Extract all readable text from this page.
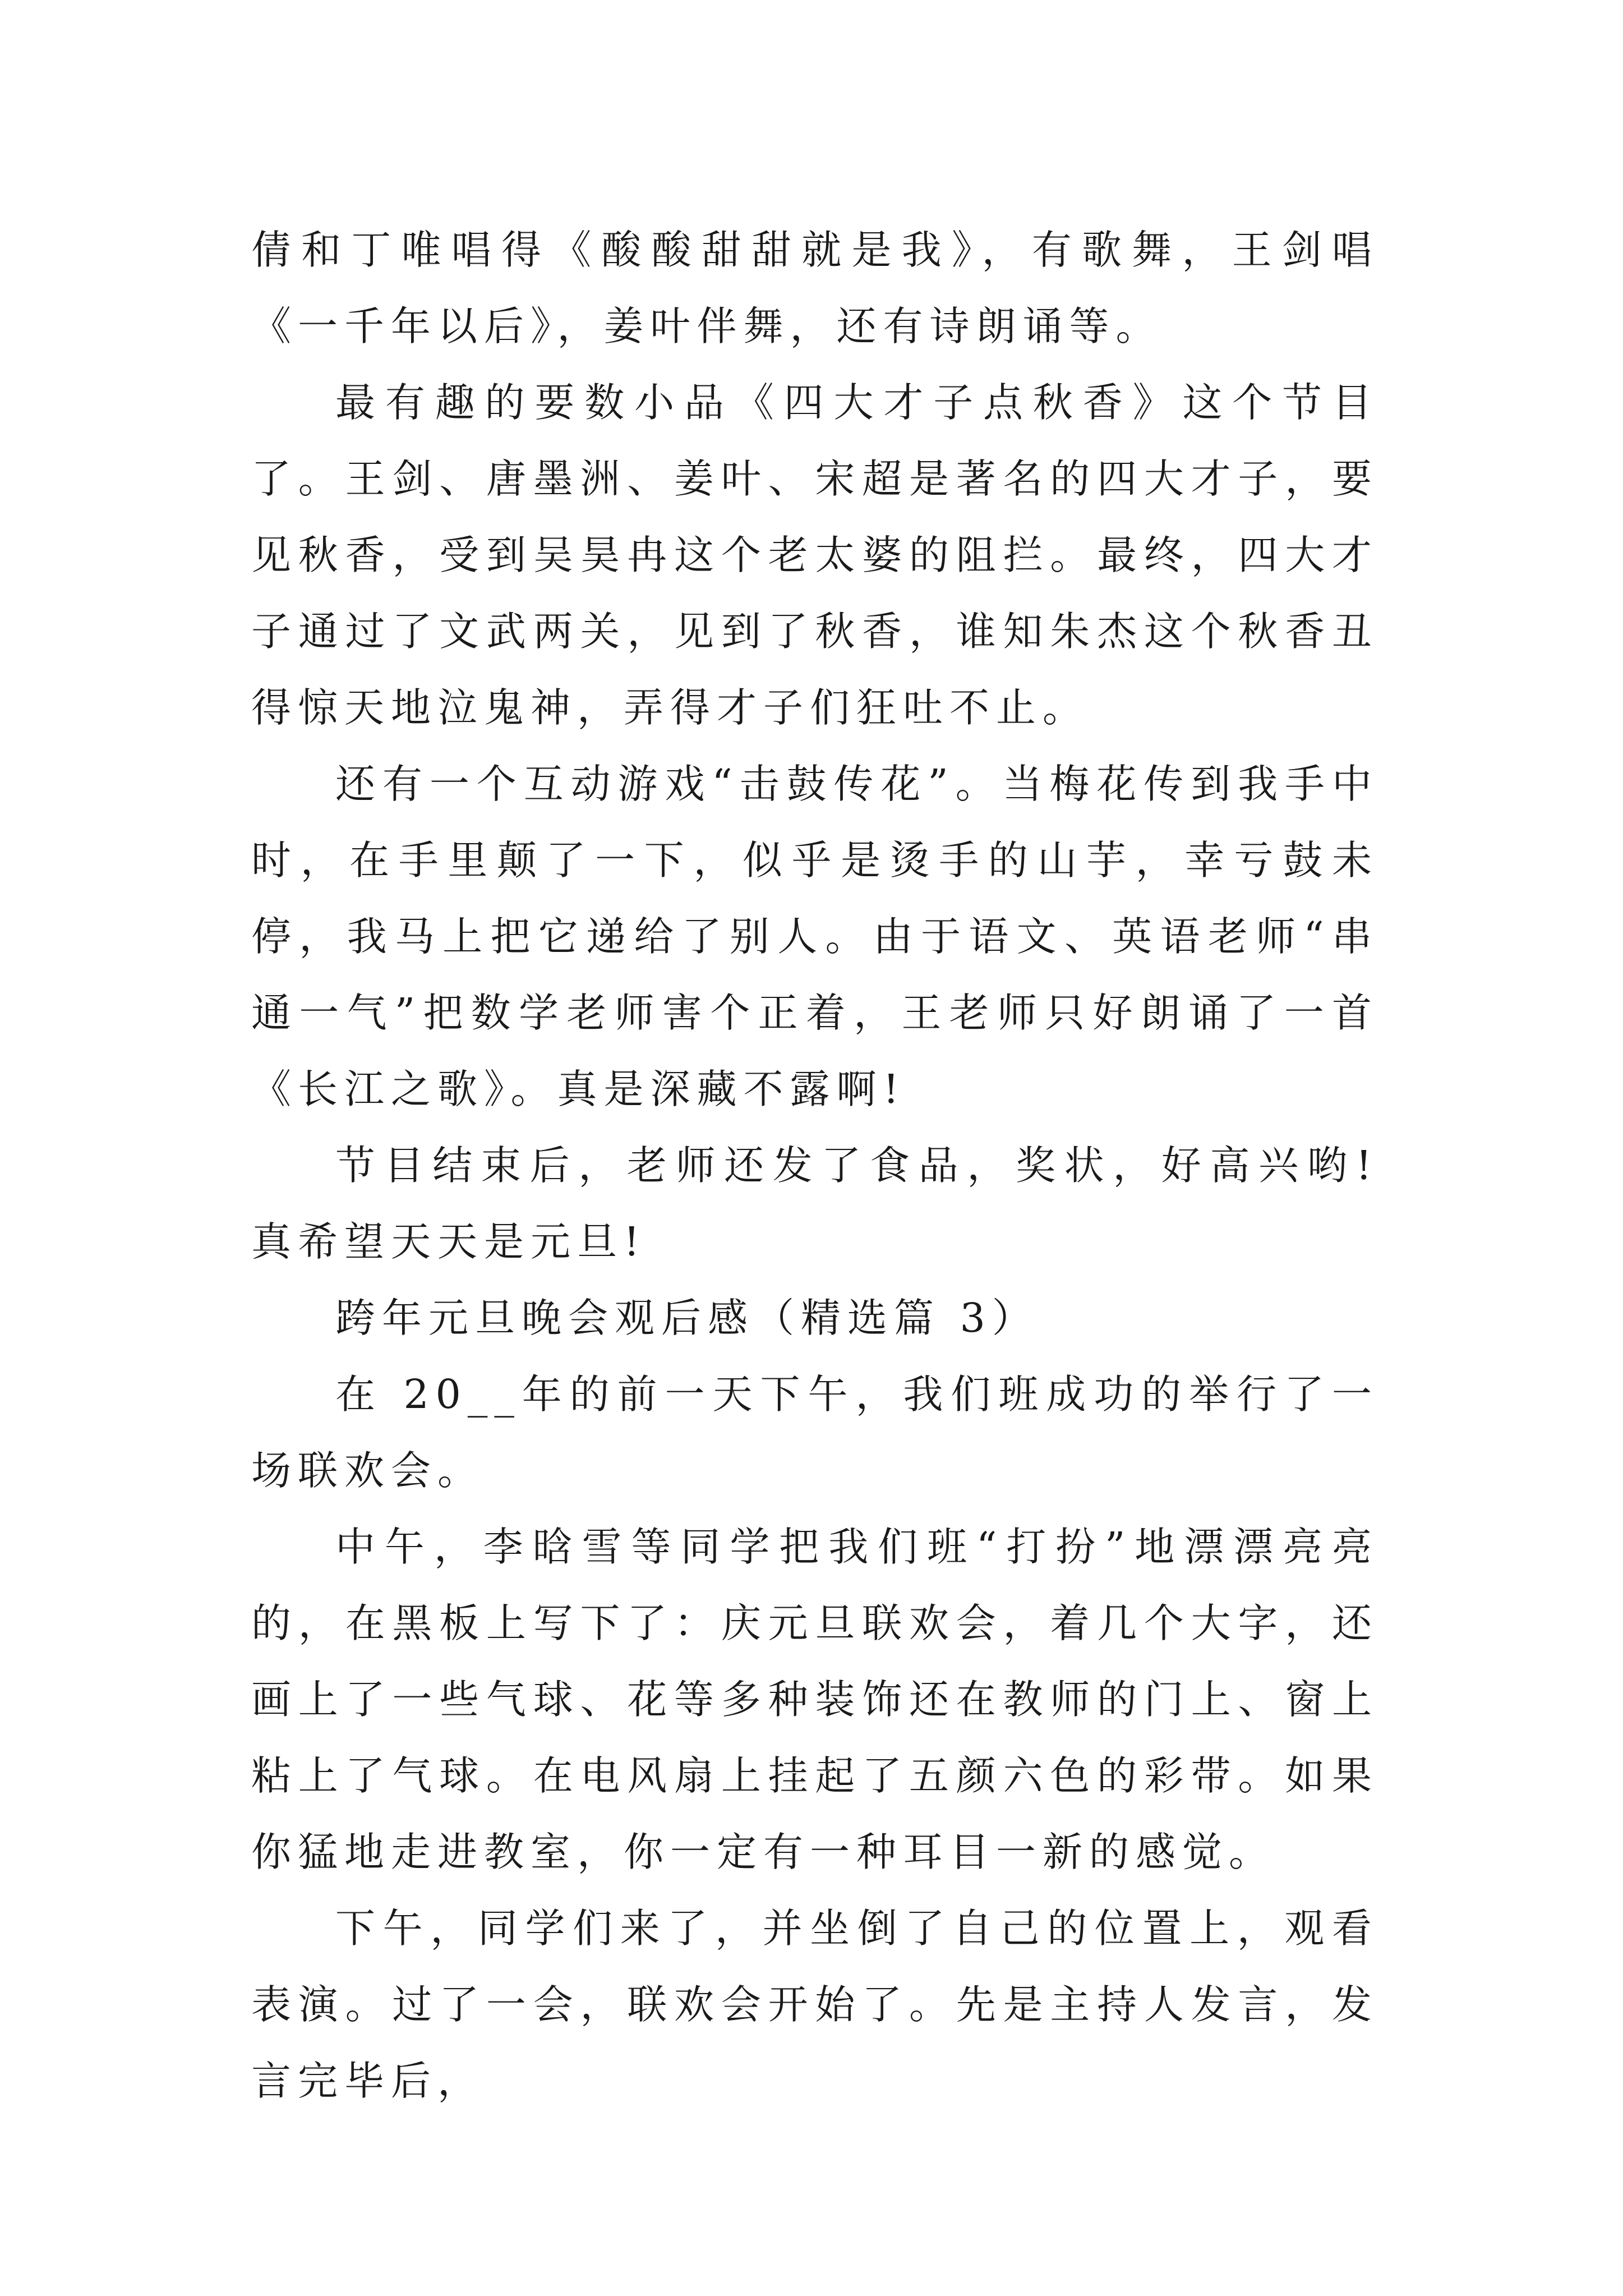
倩和丁唯唱得《酸酸甜甜就是我》，有歌舞，王剑唱《一千年以后》，姜叶伴舞，还有诗朗诵等。

最有趣的要数小品《四大才子点秋香》这个节目了。王剑、唐墨洲、姜叶、宋超是著名的四大才子，要见秋香，受到吴昊冉这个老太婆的阻拦。最终，四大才子通过了文武两关，见到了秋香，谁知朱杰这个秋香丑得惊天地泣鬼神，弄得才子们狂吐不止。

还有一个互动游戏“击鼓传花”。当梅花传到我手中时，在手里颠了一下，似乎是烫手的山芋，幸亏鼓未停，我马上把它递给了别人。由于语文、英语老师“串通一气”把数学老师害个正着，王老师只好朗诵了一首《长江之歌》。真是深藏不露啊!

节目结束后，老师还发了食品，奖状，好高兴哟!真希望天天是元旦!

跨年元旦晚会观后感（精选篇 3）

在 20__年的前一天下午，我们班成功的举行了一场联欢会。

中午，李晗雪等同学把我们班“打扮”地漂漂亮亮的，在黑板上写下了：庆元旦联欢会，着几个大字，还画上了一些气球、花等多种装饰还在教师的门上、窗上粘上了气球。在电风扇上挂起了五颜六色的彩带。如果你猛地走进教室，你一定有一种耳目一新的感觉。

下午，同学们来了，并坐倒了自己的位置上，观看表演。过了一会，联欢会开始了。先是主持人发言，发言完毕后，
